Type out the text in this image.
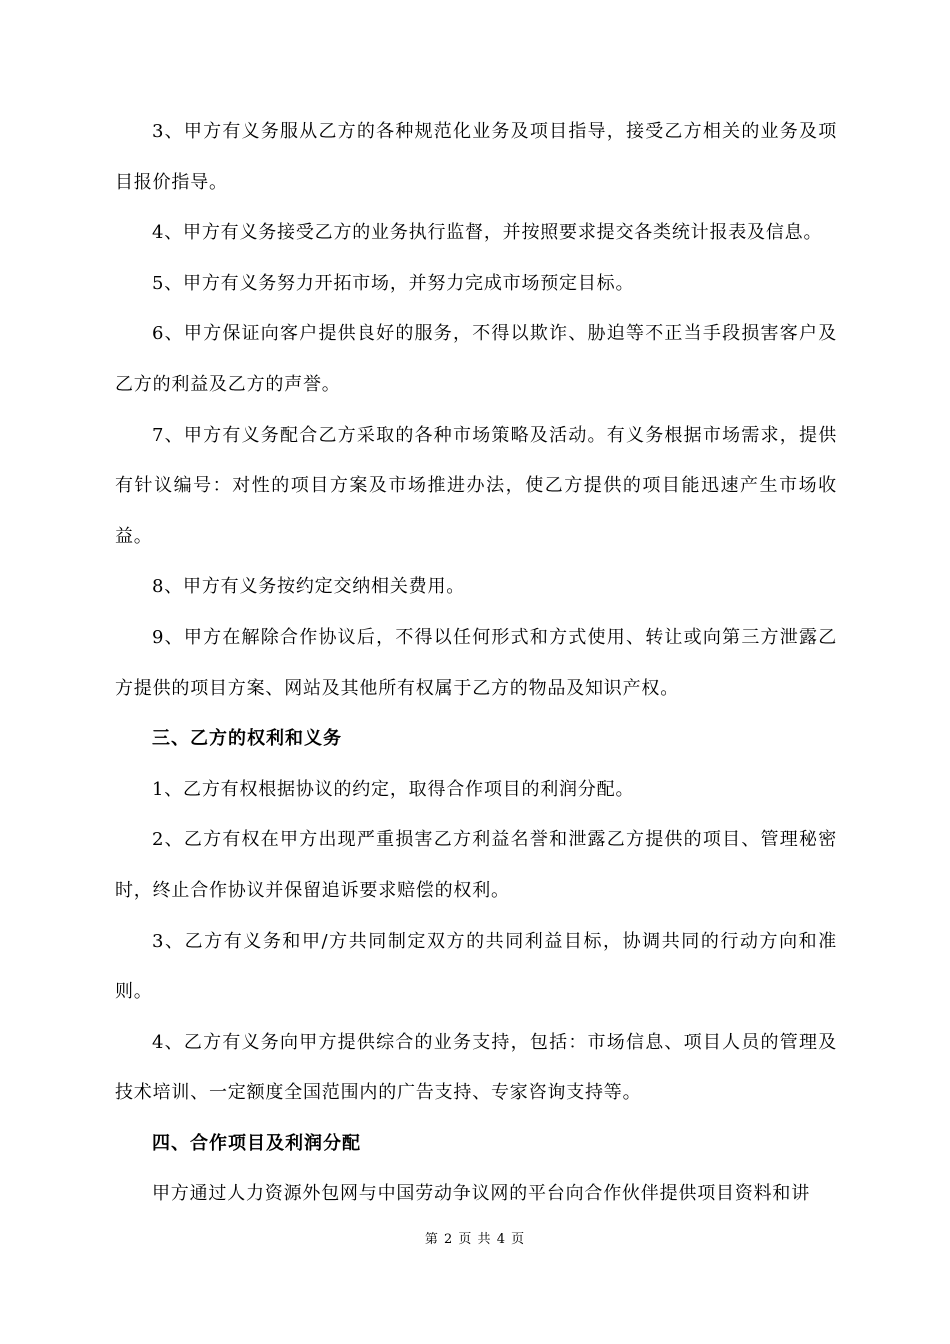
3、甲方有义务服从乙方的各种规范化业务及项目指导，接受乙方相关的业务及项目报价指导。

4、甲方有义务接受乙方的业务执行监督，并按照要求提交各类统计报表及信息。

5、甲方有义务努力开拓市场，并努力完成市场预定目标。

6、甲方保证向客户提供良好的服务，不得以欺诈、胁迫等不正当手段损害客户及乙方的利益及乙方的声誉。

7、甲方有义务配合乙方采取的各种市场策略及活动。有义务根据市场需求，提供有针议编号：对性的项目方案及市场推进办法，使乙方提供的项目能迅速产生市场收益。

8、甲方有义务按约定交纳相关费用。

9、甲方在解除合作协议后，不得以任何形式和方式使用、转让或向第三方泄露乙方提供的项目方案、网站及其他所有权属于乙方的物品及知识产权。

三、乙方的权利和义务

1、乙方有权根据协议的约定，取得合作项目的利润分配。

2、乙方有权在甲方出现严重损害乙方利益名誉和泄露乙方提供的项目、管理秘密时，终止合作协议并保留追诉要求赔偿的权利。

3、乙方有义务和甲/方共同制定双方的共同利益目标，协调共同的行动方向和准则。

4、乙方有义务向甲方提供综合的业务支持，包括：市场信息、项目人员的管理及技术培训、一定额度全国范围内的广告支持、专家咨询支持等。

四、合作项目及利润分配

甲方通过人力资源外包网与中国劳动争议网的平台向合作伙伴提供项目资料和讲

第 2 页 共 4 页
